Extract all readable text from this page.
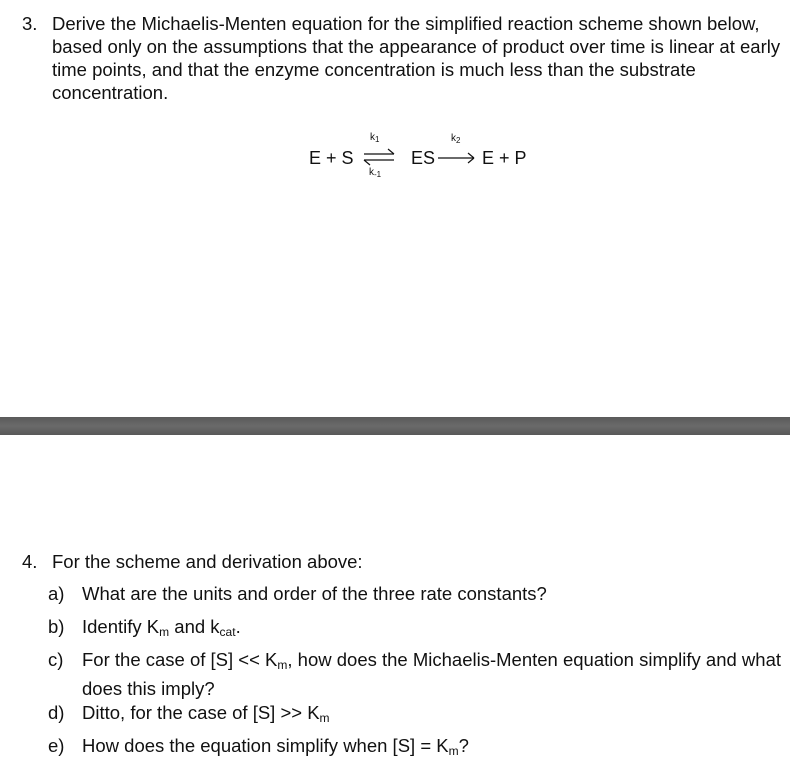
3. Derive the Michaelis-Menten equation for the simplified reaction scheme shown below, based only on the assumptions that the appearance of product over time is linear at early time points, and that the enzyme concentration is much less than the substrate concentration.
E + S
$k_1$
$k_{-1}$
ES
$k_2$
E + P
4. For the scheme and derivation above:
a) What are the units and order of the three rate constants?
b) Identify $K_m$ and $k_{cat}$.
c) For the case of $[S] << K_m$, how does the Michaelis-Menten equation simplify and what does this imply?
d) Ditto, for the case of $[S] >> K_m$
e) How does the equation simplify when $[S] = K_m$?
